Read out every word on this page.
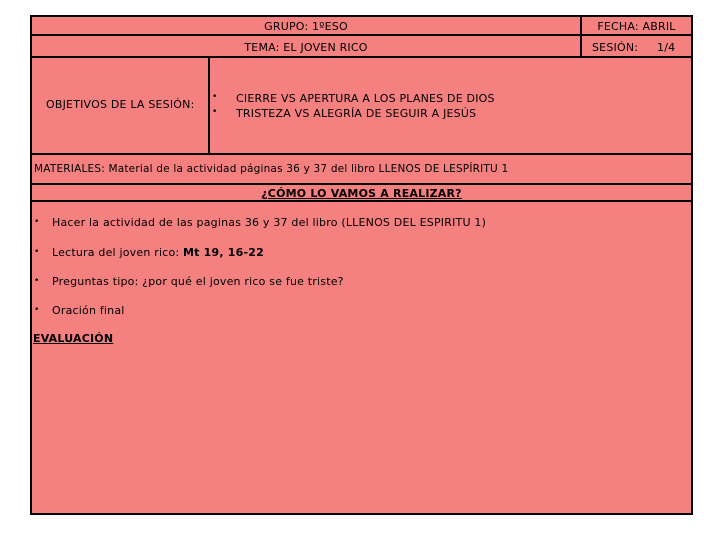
GRUPO: 1ºESO	FECHA: ABRIL
TEMA: EL JOVEN RICO	SESIÓN: 1/4
OBJETIVOS DE LA SESIÓN:
• CIERRE VS APERTURA A LOS PLANES DE DIOS
• TRISTEZA VS ALEGRÍA DE SEGUIR A JESÚS
MATERIALES: Material de la actividad páginas 36 y 37 del libro LLENOS DE LESPÍRITU 1
¿CÓMO LO VAMOS A REALIZAR?
• Hacer la actividad de las paginas 36 y 37 del libro (LLENOS DEL ESPIRITU 1)
• Lectura del joven rico: Mt 19, 16-22
• Preguntas tipo: ¿por qué el joven rico se fue triste?
• Oración final
EVALUACIÓN
